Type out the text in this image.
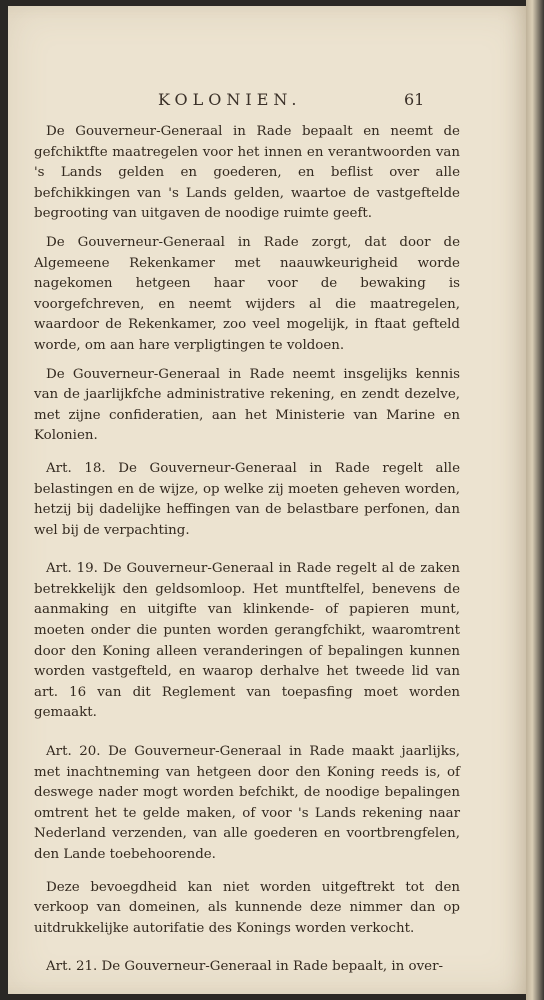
KOLONIEN.	61

De Gouverneur-Generaal in Rade bepaalt en neemt de gefchiktfte maatregelen voor het innen en verantwoorden van 's Lands gelden en goederen, en beflist over alle befchikkingen van 's Lands gelden, waartoe de vastgeftelde begrooting van uitgaven de noodige ruimte geeft.

De Gouverneur-Generaal in Rade zorgt, dat door de Algemeene Rekenkamer met naauwkeurigheid worde nagekomen hetgeen haar voor de bewaking is voorgefchreven, en neemt wijders al die maatregelen, waardoor de Rekenkamer, zoo veel mogelijk, in ftaat gefteld worde, om aan hare verpligtingen te voldoen.

De Gouverneur-Generaal in Rade neemt insgelijks kennis van de jaarlijkfche administrative rekening, en zendt dezelve, met zijne confideratien, aan het Ministerie van Marine en Kolonien.

Art. 18. De Gouverneur-Generaal in Rade regelt alle belastingen en de wijze, op welke zij moeten geheven worden, hetzij bij dadelijke heffingen van de belastbare perfonen, dan wel bij de verpachting.

Art. 19. De Gouverneur-Generaal in Rade regelt al de zaken betrekkelijk den geldsomloop. Het muntftelfel, benevens de aanmaking en uitgifte van klinkende- of papieren munt, moeten onder die punten worden gerangfchikt, waaromtrent door den Koning alleen veranderingen of bepalingen kunnen worden vastgefteld, en waarop derhalve het tweede lid van art. 16 van dit Reglement van toepasfing moet worden gemaakt.

Art. 20. De Gouverneur-Generaal in Rade maakt jaarlijks, met inachtneming van hetgeen door den Koning reeds is, of deswege nader mogt worden befchikt, de noodige bepalingen omtrent het te gelde maken, of voor 's Lands rekening naar Nederland verzenden, van alle goederen en voortbrengfelen, den Lande toebehoorende.

Deze bevoegdheid kan niet worden uitgeftrekt tot den verkoop van domeinen, als kunnende deze nimmer dan op uitdrukkelijke autorifatie des Konings worden verkocht.

Art. 21. De Gouverneur-Generaal in Rade bepaalt, in over-
